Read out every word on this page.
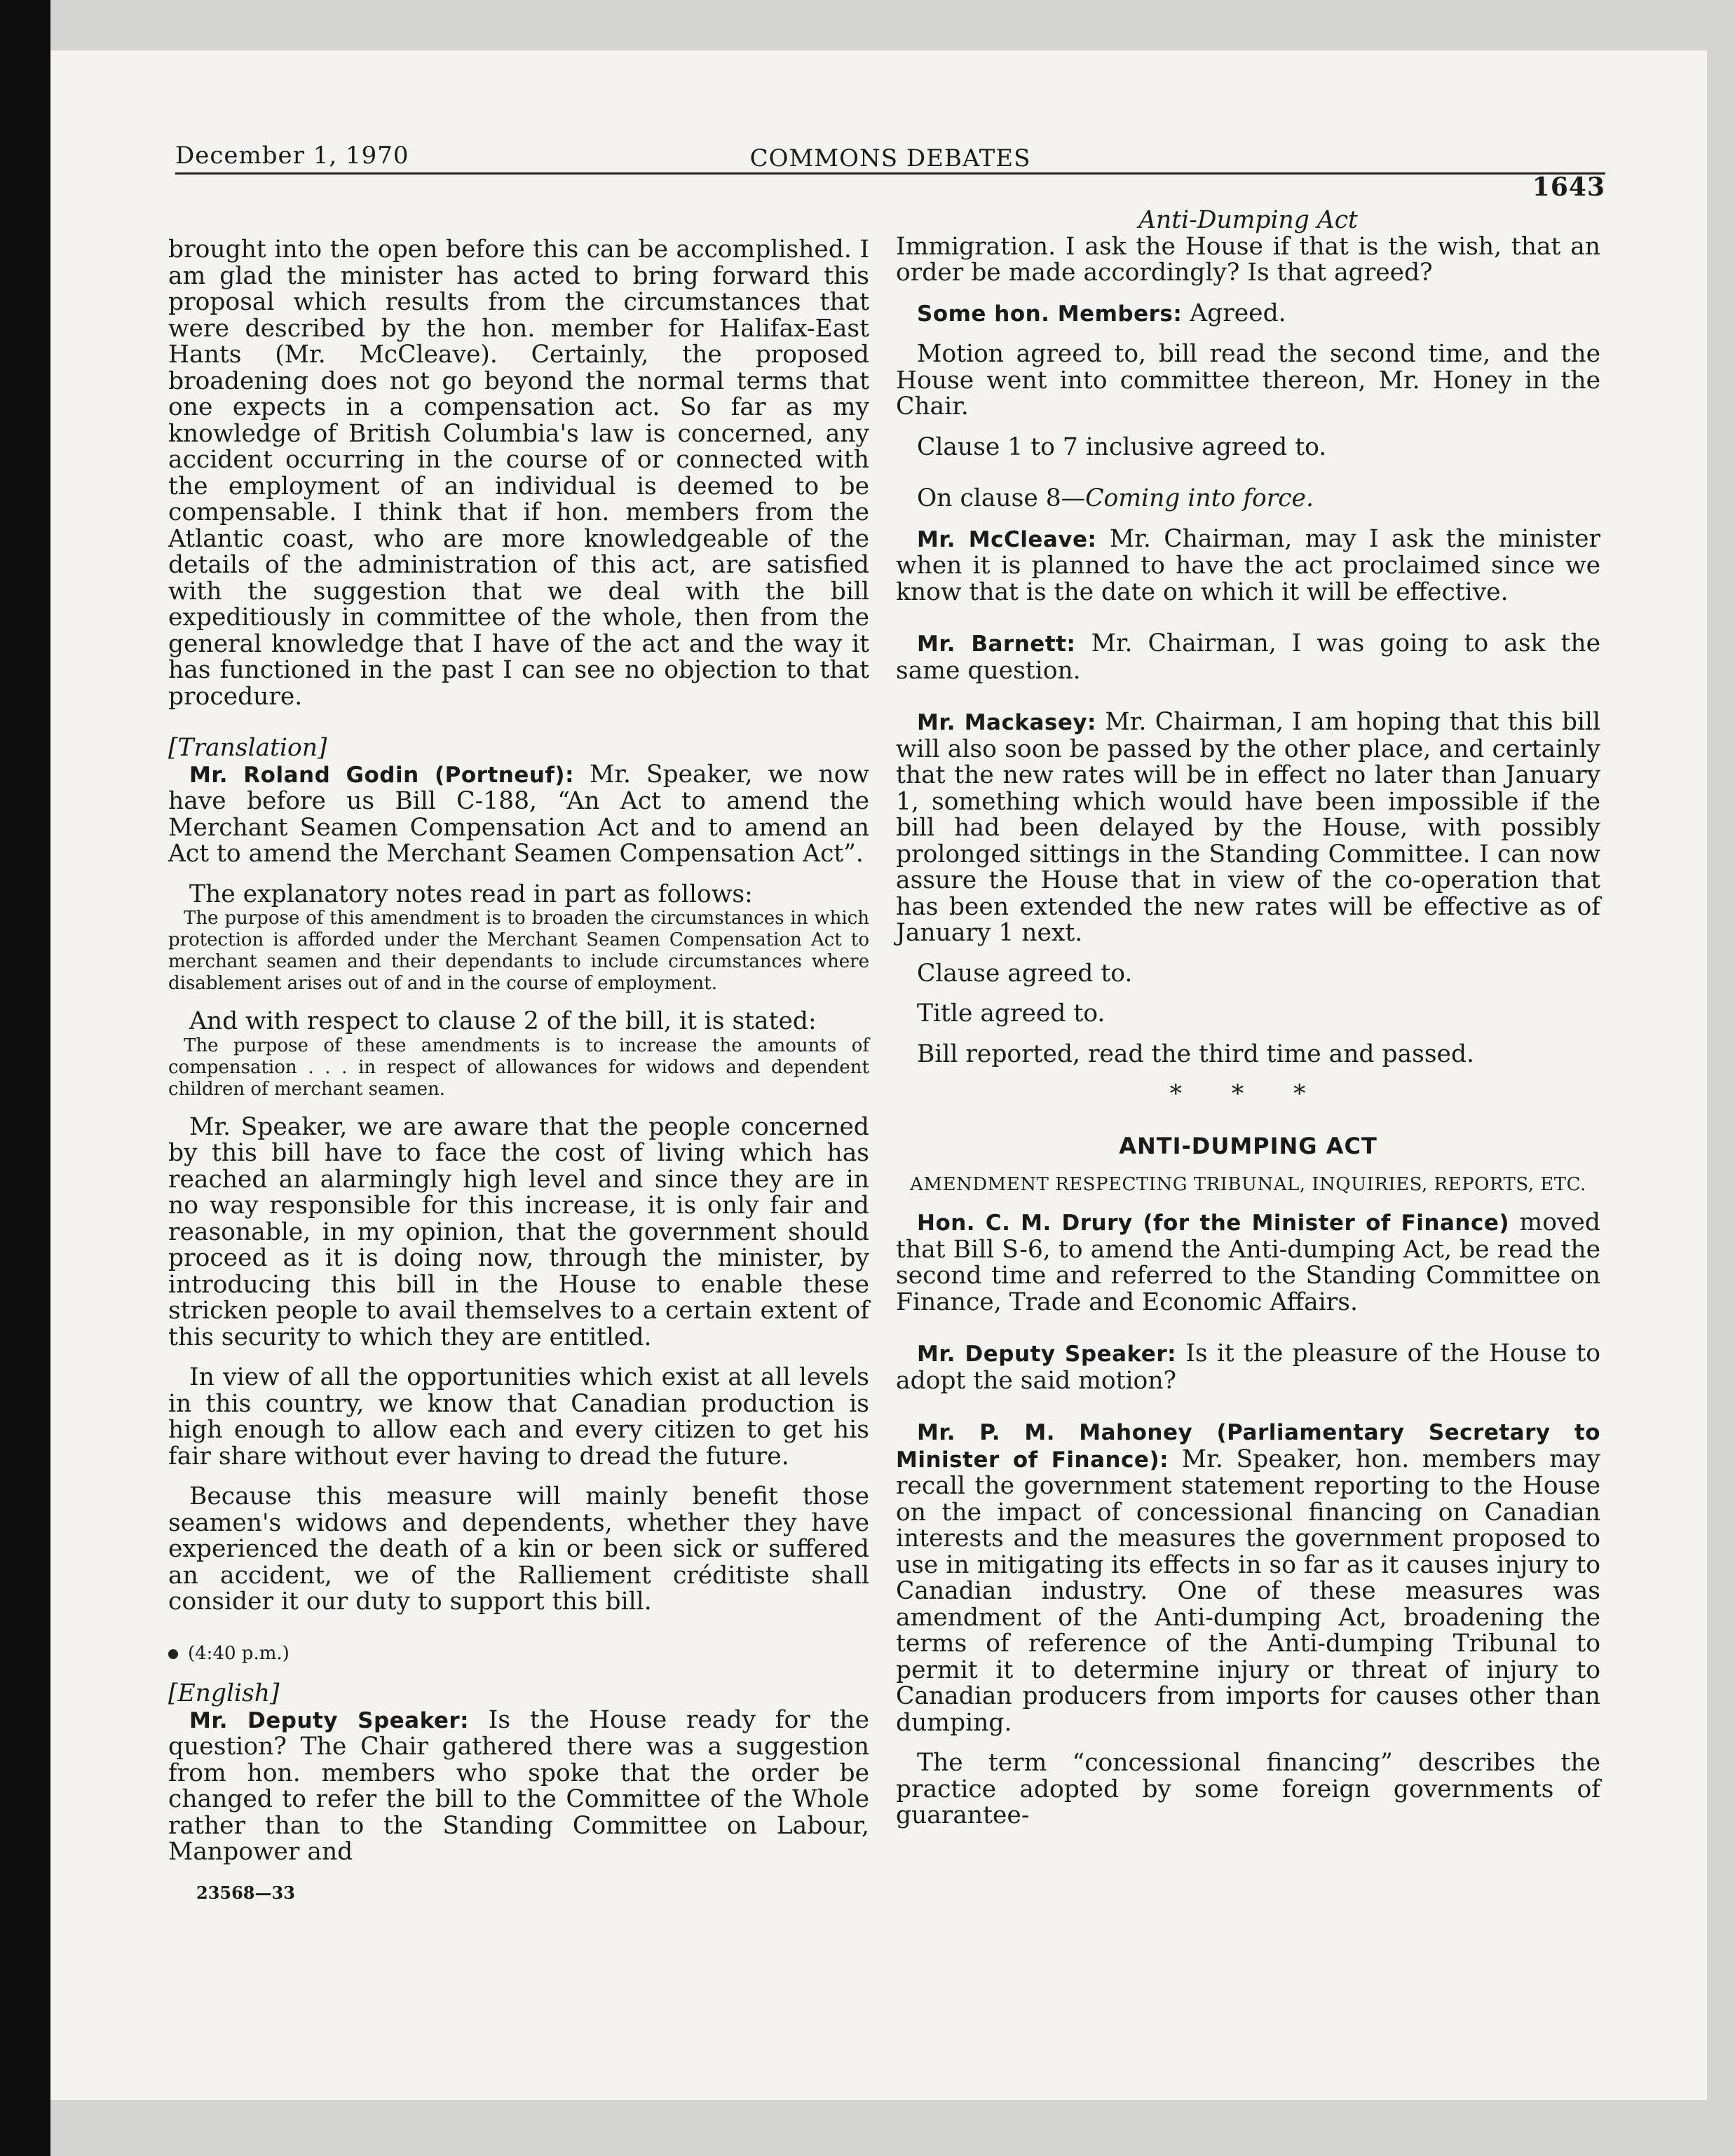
December 1, 1970	COMMONS DEBATES
1643

brought into the open before this can be accomplished. I am glad the minister has acted to bring forward this proposal which results from the circumstances that were described by the hon. member for Halifax-East Hants (Mr. McCleave). Certainly, the proposed broadening does not go beyond the normal terms that one expects in a compensation act. So far as my knowledge of British Columbia's law is concerned, any accident occurring in the course of or connected with the employment of an individual is deemed to be compensable. I think that if hon. members from the Atlantic coast, who are more knowledgeable of the details of the administration of this act, are satisfied with the suggestion that we deal with the bill expeditiously in committee of the whole, then from the general knowledge that I have of the act and the way it has functioned in the past I can see no objection to that procedure.

[Translation]

Mr. Roland Godin (Portneuf): Mr. Speaker, we now have before us Bill C-188, “An Act to amend the Merchant Seamen Compensation Act and to amend an Act to amend the Merchant Seamen Compensation Act”.

The explanatory notes read in part as follows:

The purpose of this amendment is to broaden the circumstances in which protection is afforded under the Merchant Seamen Compensation Act to merchant seamen and their dependants to include circumstances where disablement arises out of and in the course of employment.

And with respect to clause 2 of the bill, it is stated:

The purpose of these amendments is to increase the amounts of compensation . . . in respect of allowances for widows and dependent children of merchant seamen.

Mr. Speaker, we are aware that the people concerned by this bill have to face the cost of living which has reached an alarmingly high level and since they are in no way responsible for this increase, it is only fair and reasonable, in my opinion, that the government should proceed as it is doing now, through the minister, by introducing this bill in the House to enable these stricken people to avail themselves to a certain extent of this security to which they are entitled.

In view of all the opportunities which exist at all levels in this country, we know that Canadian production is high enough to allow each and every citizen to get his fair share without ever having to dread the future.

Because this measure will mainly benefit those seamen's widows and dependents, whether they have experienced the death of a kin or been sick or suffered an accident, we of the Ralliement créditiste shall consider it our duty to support this bill.

(4:40 p.m.)

[English]

Mr. Deputy Speaker: Is the House ready for the question? The Chair gathered there was a suggestion from hon. members who spoke that the order be changed to refer the bill to the Committee of the Whole rather than to the Standing Committee on Labour, Manpower and

23568—33

Anti-Dumping Act

Immigration. I ask the House if that is the wish, that an order be made accordingly? Is that agreed?

Some hon. Members: Agreed.

Motion agreed to, bill read the second time, and the House went into committee thereon, Mr. Honey in the Chair.

Clause 1 to 7 inclusive agreed to.

On clause 8—Coming into force.

Mr. McCleave: Mr. Chairman, may I ask the minister when it is planned to have the act proclaimed since we know that is the date on which it will be effective.

Mr. Barnett: Mr. Chairman, I was going to ask the same question.

Mr. Mackasey: Mr. Chairman, I am hoping that this bill will also soon be passed by the other place, and certainly that the new rates will be in effect no later than January 1, something which would have been impossible if the bill had been delayed by the House, with possibly prolonged sittings in the Standing Committee. I can now assure the House that in view of the co-operation that has been extended the new rates will be effective as of January 1 next.

Clause agreed to.

Title agreed to.

Bill reported, read the third time and passed.

* * *

ANTI-DUMPING ACT

AMENDMENT RESPECTING TRIBUNAL, INQUIRIES, REPORTS, ETC.

Hon. C. M. Drury (for the Minister of Finance) moved that Bill S-6, to amend the Anti-dumping Act, be read the second time and referred to the Standing Committee on Finance, Trade and Economic Affairs.

Mr. Deputy Speaker: Is it the pleasure of the House to adopt the said motion?

Mr. P. M. Mahoney (Parliamentary Secretary to Minister of Finance): Mr. Speaker, hon. members may recall the government statement reporting to the House on the impact of concessional financing on Canadian interests and the measures the government proposed to use in mitigating its effects in so far as it causes injury to Canadian industry. One of these measures was amendment of the Anti-dumping Act, broadening the terms of reference of the Anti-dumping Tribunal to permit it to determine injury or threat of injury to Canadian producers from imports for causes other than dumping.

The term “concessional financing” describes the practice adopted by some foreign governments of guarantee-
